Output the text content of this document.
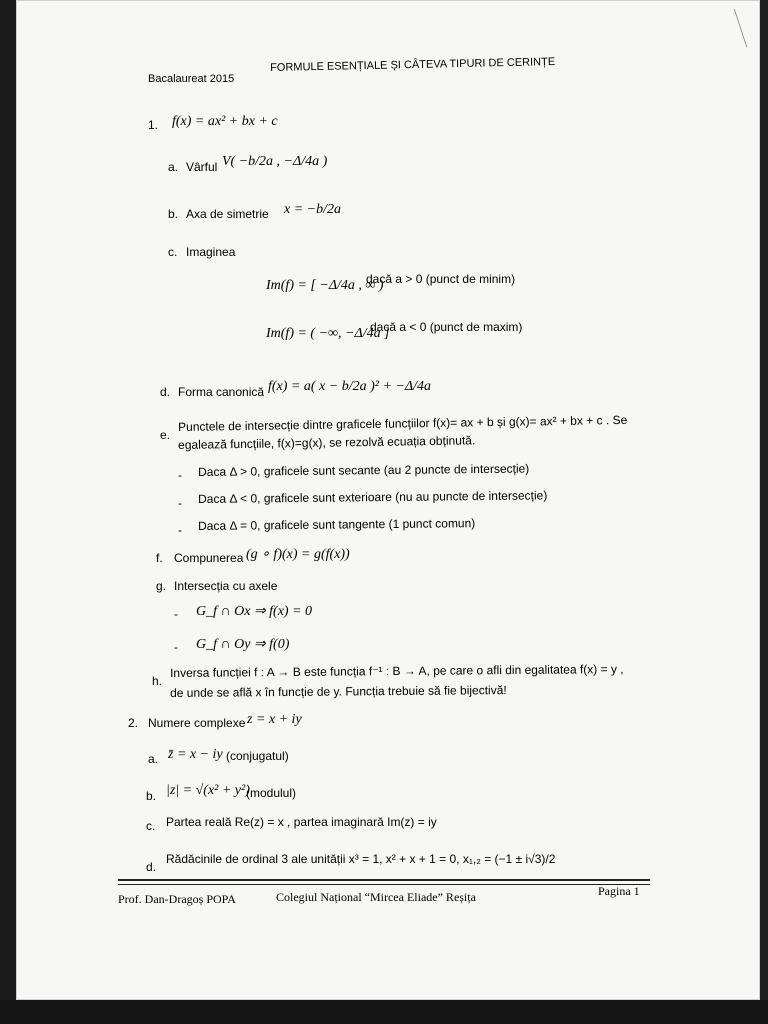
Bacalaureat 2015
FORMULE ESENȚIALE ȘI CÂTEVA TIPURI DE CERINȚE
1. f(x) = ax² + bx + c
a. Vârful V( −b/2a , −Δ/4a )
b. Axa de simetrie x = −b/2a
c. Imaginea
Im(f) = [ −Δ/4a , ∞ )
dacă a > 0 (punct de minim)
Im(f) = ( −∞, −Δ/4a ]
dacă a < 0 (punct de maxim)
d. Forma canonică f(x) = a( x − b/2a )² + −Δ/4a
e.
Punctele de intersecție dintre graficele funcțiilor f(x)= ax + b și g(x)= ax² + bx + c . Se
egalează funcțiile, f(x)=g(x), se rezolvă ecuația obținută.
- Daca Δ > 0, graficele sunt secante (au 2 puncte de intersecție)
- Daca Δ < 0, graficele sunt exterioare (nu au puncte de intersecție)
- Daca Δ = 0, graficele sunt tangente (1 punct comun)
f. Compunerea (g ∘ f)(x) = g(f(x))
g. Intersecția cu axele
- G_f ∩ Ox ⇒ f(x) = 0
- G_f ∩ Oy ⇒ f(0)
h.
Inversa funcției f : A → B este funcția f⁻¹ : B → A, pe care o afli din egalitatea f(x) = y ,
de unde se află x în funcție de y. Funcția trebuie să fie bijectivă!
2. Numere complexe z = x + iy
a. z̄ = x − iy (conjugatul)
b. |z| = √(x² + y²)
(modulul)
c. Partea reală Re(z) = x , partea imaginară Im(z) = iy
d.
Rădăcinile de ordinal 3 ale unității x³ = 1, x² + x + 1 = 0, x₁,₂ = (−1 ± i√3)/2
Prof. Dan-Dragoș POPA	Colegiul Național “Mircea Eliade” Reșița	Pagina 1
